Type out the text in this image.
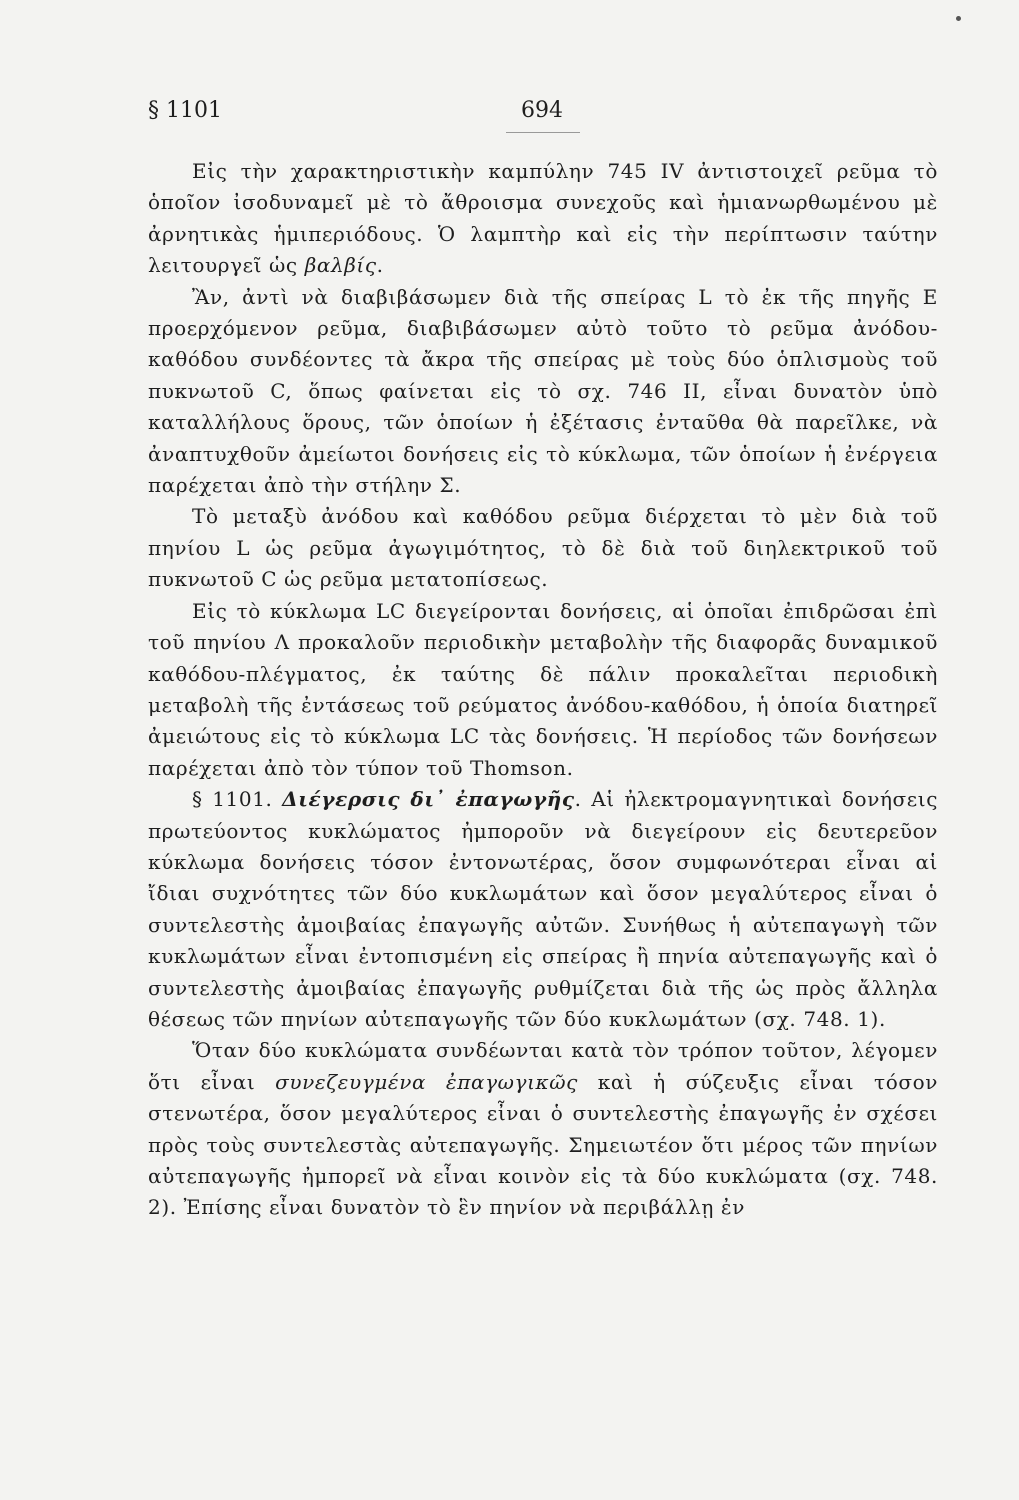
§ 1101	694

Εἰς τὴν χαρακτηριστικὴν καμπύλην 745 IV ἀντιστοιχεῖ ρεῦμα τὸ ὁποῖον ἰσοδυναμεῖ μὲ τὸ ἄθροισμα συνεχοῦς καὶ ἡμιανωρθωμένου μὲ ἀρνητικὰς ἡμιπεριόδους. Ὁ λαμπτὴρ καὶ εἰς τὴν περίπτωσιν ταύτην λειτουργεῖ ὡς βαλβίς.

Ἂν, ἀντὶ νὰ διαβιβάσωμεν διὰ τῆς σπείρας L τὸ ἐκ τῆς πηγῆς E προερχόμενον ρεῦμα, διαβιβάσωμεν αὐτὸ τοῦτο τὸ ρεῦμα ἀνόδου-καθόδου συνδέοντες τὰ ἄκρα τῆς σπείρας μὲ τοὺς δύο ὁπλισμοὺς τοῦ πυκνωτοῦ C, ὅπως φαίνεται εἰς τὸ σχ. 746 II, εἶναι δυνατὸν ὑπὸ καταλλήλους ὅρους, τῶν ὁποίων ἡ ἐξέτασις ἐνταῦθα θὰ παρεῖλκε, νὰ ἀναπτυχθοῦν ἀμείωτοι δονήσεις εἰς τὸ κύκλωμα, τῶν ὁποίων ἡ ἐνέργεια παρέχεται ἀπὸ τὴν στήλην Σ.

Τὸ μεταξὺ ἀνόδου καὶ καθόδου ρεῦμα διέρχεται τὸ μὲν διὰ τοῦ πηνίου L ὡς ρεῦμα ἀγωγιμότητος, τὸ δὲ διὰ τοῦ διηλεκτρικοῦ τοῦ πυκνωτοῦ C ὡς ρεῦμα μετατοπίσεως.

Εἰς τὸ κύκλωμα LC διεγείρονται δονήσεις, αἱ ὁποῖαι ἐπιδρῶσαι ἐπὶ τοῦ πηνίου Λ προκαλοῦν περιοδικὴν μεταβολὴν τῆς διαφορᾶς δυναμικοῦ καθόδου-πλέγματος, ἐκ ταύτης δὲ πάλιν προκαλεῖται περιοδικὴ μεταβολὴ τῆς ἐντάσεως τοῦ ρεύματος ἀνόδου-καθόδου, ἡ ὁποία διατηρεῖ ἀμειώτους εἰς τὸ κύκλωμα LC τὰς δονήσεις. Ἡ περίοδος τῶν δονήσεων παρέχεται ἀπὸ τὸν τύπον τοῦ Thomson.

§ 1101. Διέγερσις δι᾽ ἐπαγωγῆς. Αἱ ἠλεκτρομαγνητικαὶ δονήσεις πρωτεύοντος κυκλώματος ἠμποροῦν νὰ διεγείρουν εἰς δευτερεῦον κύκλωμα δονήσεις τόσον ἐντονωτέρας, ὅσον συμφωνότεραι εἶναι αἱ ἴδιαι συχνότητες τῶν δύο κυκλωμάτων καὶ ὅσον μεγαλύτερος εἶναι ὁ συντελεστὴς ἀμοιβαίας ἐπαγωγῆς αὐτῶν. Συνήθως ἡ αὐτεπαγωγὴ τῶν κυκλωμάτων εἶναι ἐντοπισμένη εἰς σπείρας ἢ πηνία αὐτεπαγωγῆς καὶ ὁ συντελεστὴς ἀμοιβαίας ἐπαγωγῆς ρυθμίζεται διὰ τῆς ὡς πρὸς ἄλληλα θέσεως τῶν πηνίων αὐτεπαγωγῆς τῶν δύο κυκλωμάτων (σχ. 748. 1).

Ὅταν δύο κυκλώματα συνδέωνται κατὰ τὸν τρόπον τοῦτον, λέγομεν ὅτι εἶναι συνεζευγμένα ἐπαγωγικῶς καὶ ἡ σύζευξις εἶναι τόσον στενωτέρα, ὅσον μεγαλύτερος εἶναι ὁ συντελεστὴς ἐπαγωγῆς ἐν σχέσει πρὸς τοὺς συντελεστὰς αὐτεπαγωγῆς. Σημειωτέον ὅτι μέρος τῶν πηνίων αὐτεπαγωγῆς ἠμπορεῖ νὰ εἶναι κοινὸν εἰς τὰ δύο κυκλώματα (σχ. 748. 2). Ἐπίσης εἶναι δυνατὸν τὸ ἓν πηνίον νὰ περιβάλλῃ ἐν
